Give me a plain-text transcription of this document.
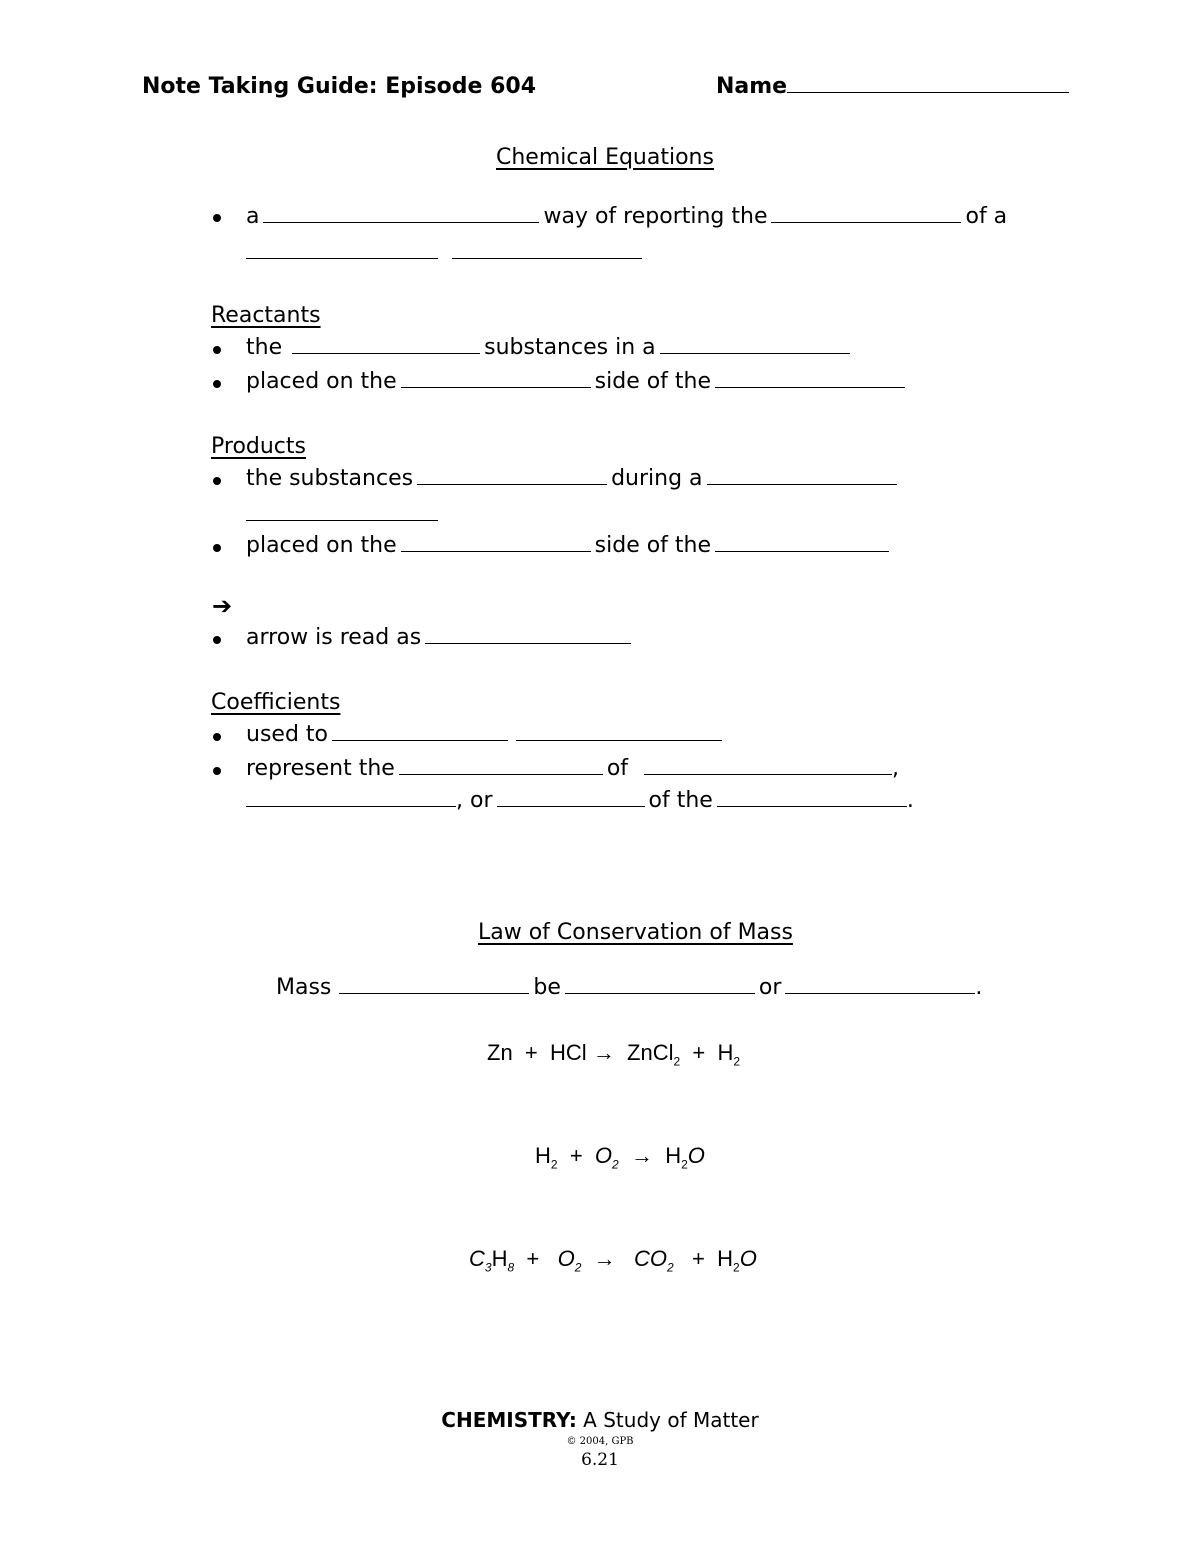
Note Taking Guide: Episode 604	Name
Chemical Equations
a	way of reporting the	of a
Reactants
the	substances in a
placed on the	side of the
Products
the substances	during a
placed on the	side of the
➔
arrow is read as
Coefficients
used to
represent the	of	,
, or	of the	.
Law of Conservation of Mass
Mass	be	or	.
Zn + HCl → ZnCl$_2$ + $H_2$
$H_2 + O_2 \to H_2O$
$C_3H_8 + O_2 \to CO_2 + H_2O$
CHEMISTRY: A Study of Matter
© 2004, GPB
6.21
